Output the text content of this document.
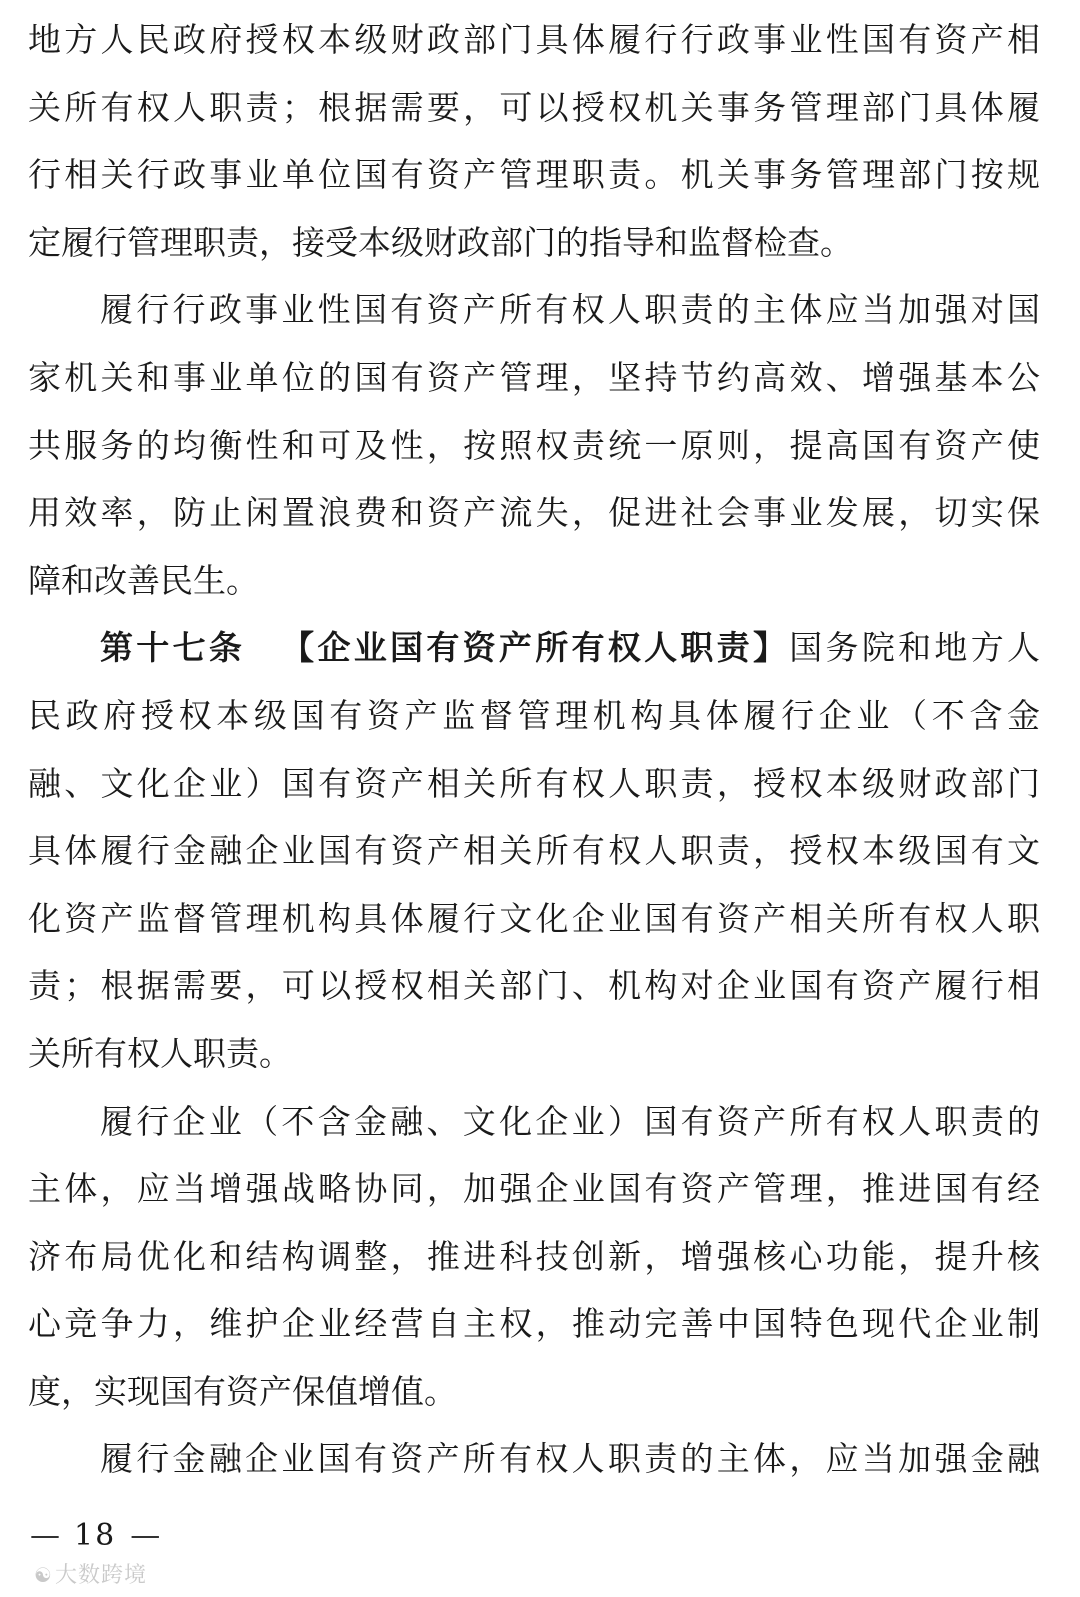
地方人民政府授权本级财政部门具体履行行政事业性国有资产相
关所有权人职责；根据需要，可以授权机关事务管理部门具体履
行相关行政事业单位国有资产管理职责。机关事务管理部门按规
定履行管理职责，接受本级财政部门的指导和监督检查。
履行行政事业性国有资产所有权人职责的主体应当加强对国
家机关和事业单位的国有资产管理，坚持节约高效、增强基本公
共服务的均衡性和可及性，按照权责统一原则，提高国有资产使
用效率，防止闲置浪费和资产流失，促进社会事业发展，切实保
障和改善民生。
第十七条 【企业国有资产所有权人职责】国务院和地方人
民政府授权本级国有资产监督管理机构具体履行企业（不含金
融、文化企业）国有资产相关所有权人职责，授权本级财政部门
具体履行金融企业国有资产相关所有权人职责，授权本级国有文
化资产监督管理机构具体履行文化企业国有资产相关所有权人职
责；根据需要，可以授权相关部门、机构对企业国有资产履行相
关所有权人职责。
履行企业（不含金融、文化企业）国有资产所有权人职责的
主体，应当增强战略协同，加强企业国有资产管理，推进国有经
济布局优化和结构调整，推进科技创新，增强核心功能，提升核
心竞争力，维护企业经营自主权，推动完善中国特色现代企业制
度，实现国有资产保值增值。
履行金融企业国有资产所有权人职责的主体，应当加强金融
— 18 —
☯大数跨境
